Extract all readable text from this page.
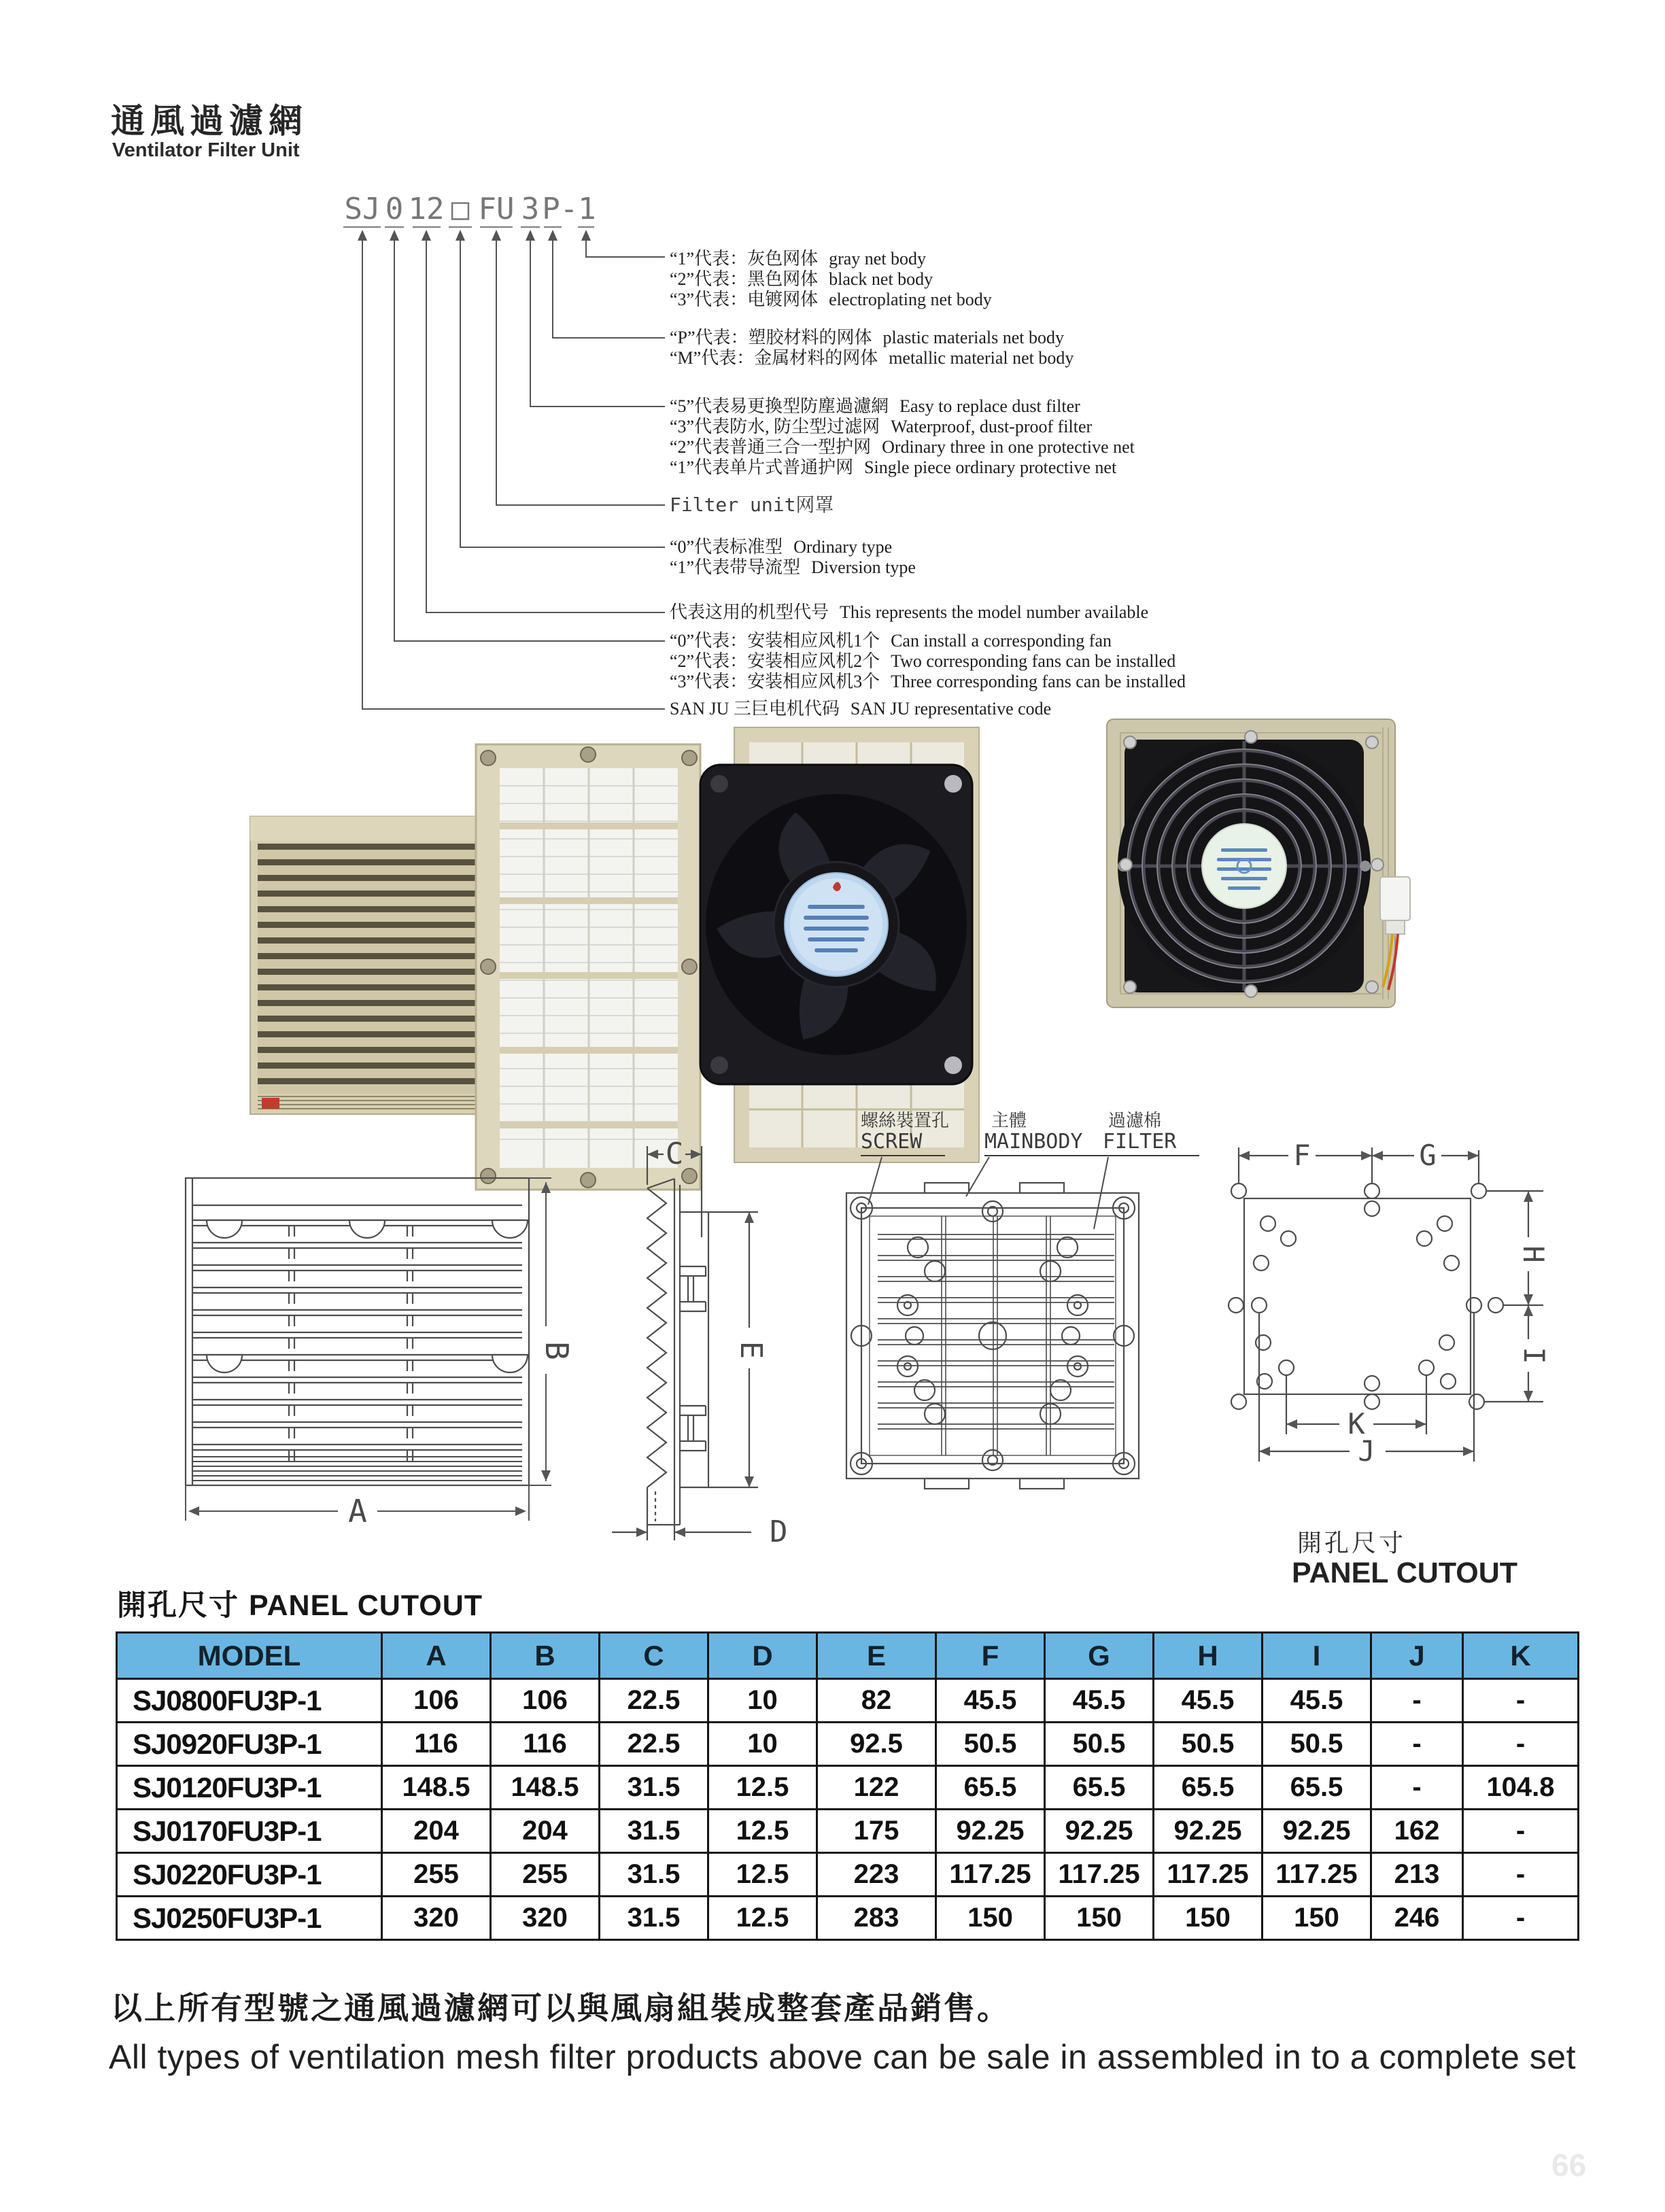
通風過濾網
Ventilator Filter Unit
SJ 0 12 □ FU 3 P-1
“1”代表：灰色网体 gray net body
“2”代表：黑色网体 black net body
“3”代表：电镀网体 electroplating net body
“P”代表：塑胶材料的网体 plastic materials net body
“M”代表：金属材料的网体 metallic material net body
“5”代表易更換型防塵過濾網 Easy to replace dust filter
“3”代表防水, 防尘型过滤网 Waterproof, dust-proof filter
“2”代表普通三合一型护网 Ordinary three in one protective net
“1”代表单片式普通护网 Single piece ordinary protective net
Filter unit网罩
“0”代表标准型 Ordinary type
“1”代表带导流型 Diversion type
代表这用的机型代号 This represents the model number available
“0”代表：安装相应风机1个 Can install a corresponding fan
“2”代表：安装相应风机2个 Two corresponding fans can be installed
“3”代表：安装相应风机3个 Three corresponding fans can be installed
SAN JU 三巨电机代码 SAN JU representative code
A
B
C
E
D
螺絲裝置孔
SCREW
主體
MAINBODY
過濾棉
FILTER	F	G
H
I
K
J
開孔尺寸
PANEL CUTOUT
開孔尺寸 PANEL CUTOUT
MODEL	A	B	C	D	E	F	G	H	I	J	K
SJ0800FU3P-1	106	106	22.5	10	82	45.5	45.5	45.5	45.5	-	-
SJ0920FU3P-1	116	116	22.5	10	92.5	50.5	50.5	50.5	50.5	-	-
SJ0120FU3P-1	148.5	148.5	31.5	12.5	122	65.5	65.5	65.5	65.5	-	104.8
SJ0170FU3P-1	204	204	31.5	12.5	175	92.25	92.25	92.25	92.25	162	-
SJ0220FU3P-1	255	255	31.5	12.5	223	117.25	117.25	117.25	117.25	213	-
SJ0250FU3P-1	320	320	31.5	12.5	283	150	150	150	150	246	-
以上所有型號之通風過濾網可以與風扇組裝成整套產品銷售。
All types of ventilation mesh filter products above can be sale in assembled in to a complete set
66
